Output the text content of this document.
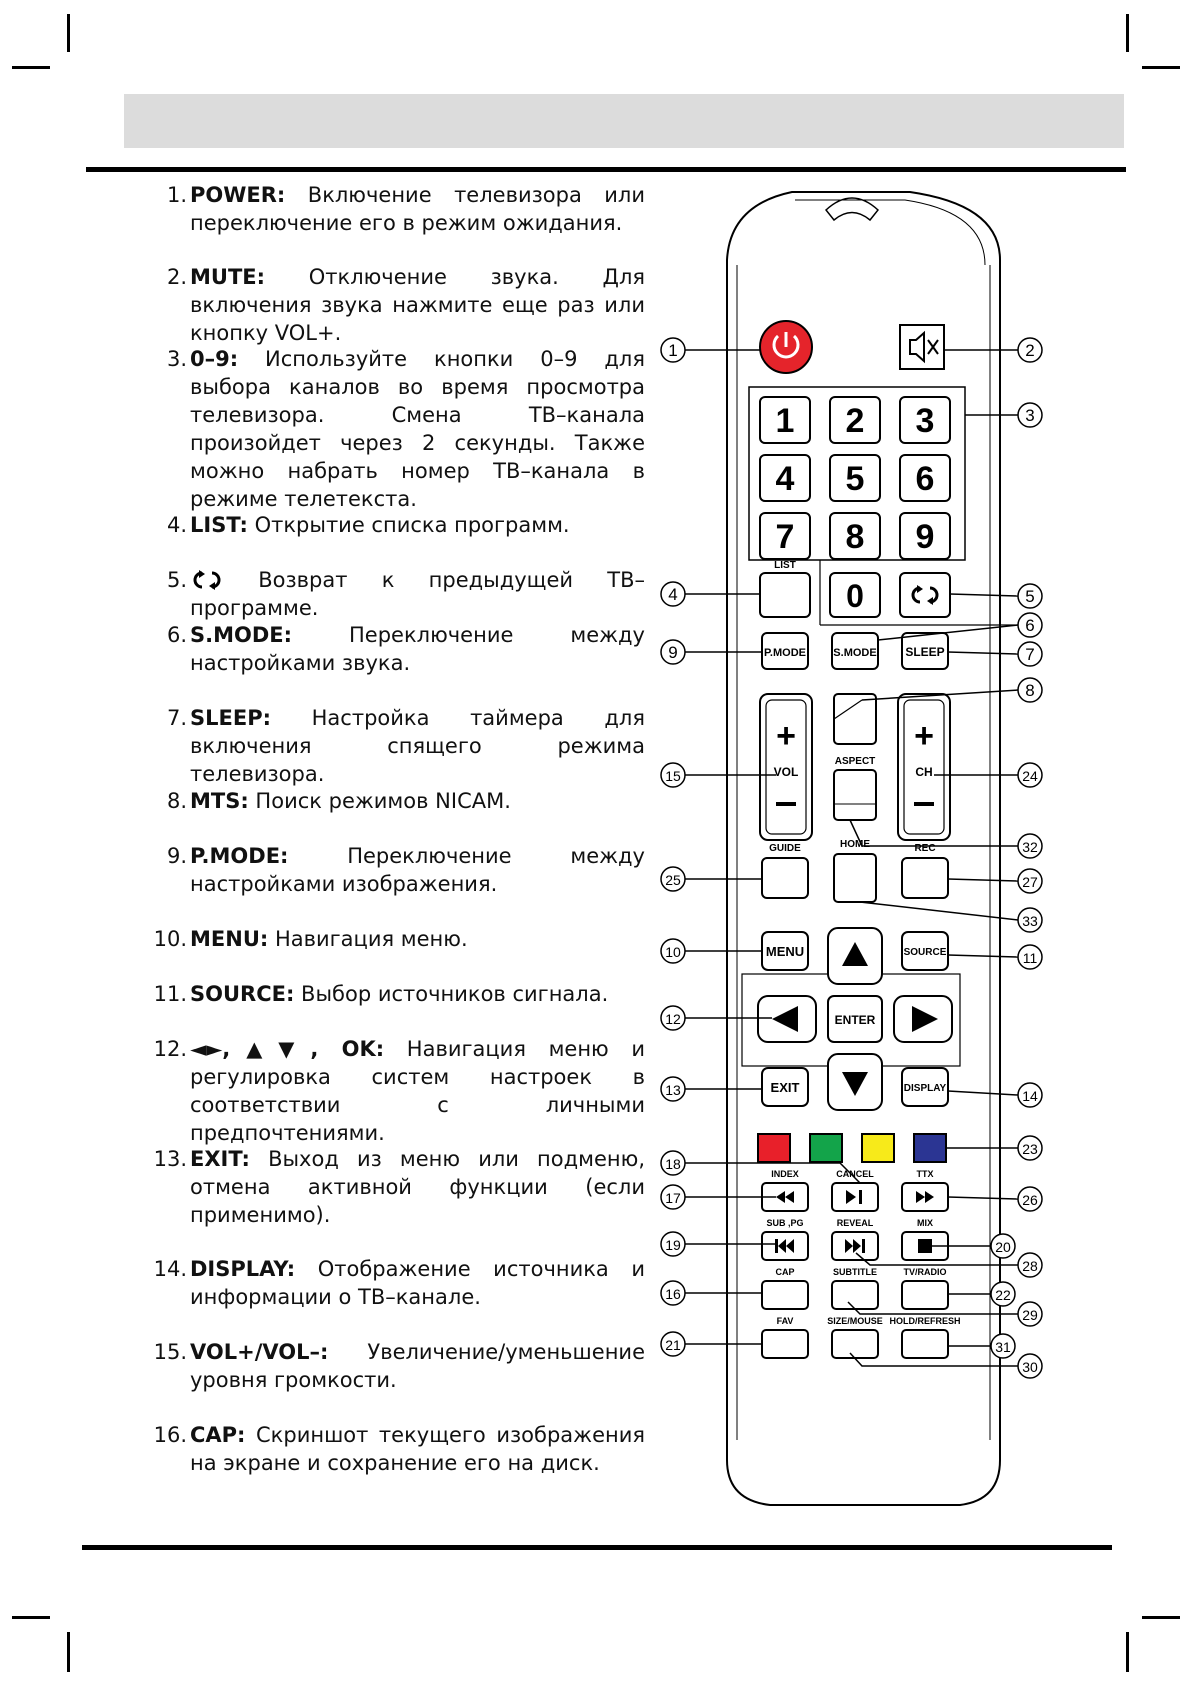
1. POWER: Включение телевизора или переключение его в режим ожидания.
2. MUTE: Отключение звука. Для включения звука нажмите еще раз или кнопку VOL+.
3. 0–9: Используйте кнопки 0–9 для выбора каналов во время просмотра телевизора. Смена ТВ–канала произойдет через 2 секунды. Также можно набрать номер ТВ–канала в режиме телетекста.
4. LIST: Открытие списка программ.
5.	Возврат к предыдущей ТВ–программе.
6. S.MODE: Переключение между настройками звука.
7. SLEEP: Настройка таймера для включения спящего режима телевизора.
8. MTS: Поиск режимов NICAM.
9. P.MODE: Переключение между настройками изображения.
10. MENU: Навигация меню.
11. SOURCE: Выбор источников сигнала.
12. ◄►,▲▼, OK: Навигация меню и регулировка систем настроек в соответствии с личными предпочтениями.
13. EXIT: Выход из меню или подменю, отмена активной функции (если применимо).
14. DISPLAY: Отображение источника и информации о ТВ–канале.
15. VOL+/VOL–: Увеличение/уменьшение уровня громкости.
16. CAP: Скриншот текущего изображения на экране и сохранение его на диск.
1 2 3
4 5 6
7 8 9
0
LIST
P.MODE S.MODE SLEEP
+
VOL
ASPECT
+
CH
GUIDE	HOME	REC
MENU	SOURCE
ENTER
EXIT	DISPLAY
INDEX	CANCEL	TTX
SUB ,PG	REVEAL	MIX
CAP	SUBTITLE	TV/RADIO
FAV	SIZE/MOUSE HOLD/REFRESH
1	2
3
4	5
6
7
8
9
10	11
12
13	14
15
16
17
18
19	20
21
22
23
24
25
26
27
28
29
30
31
32
33
